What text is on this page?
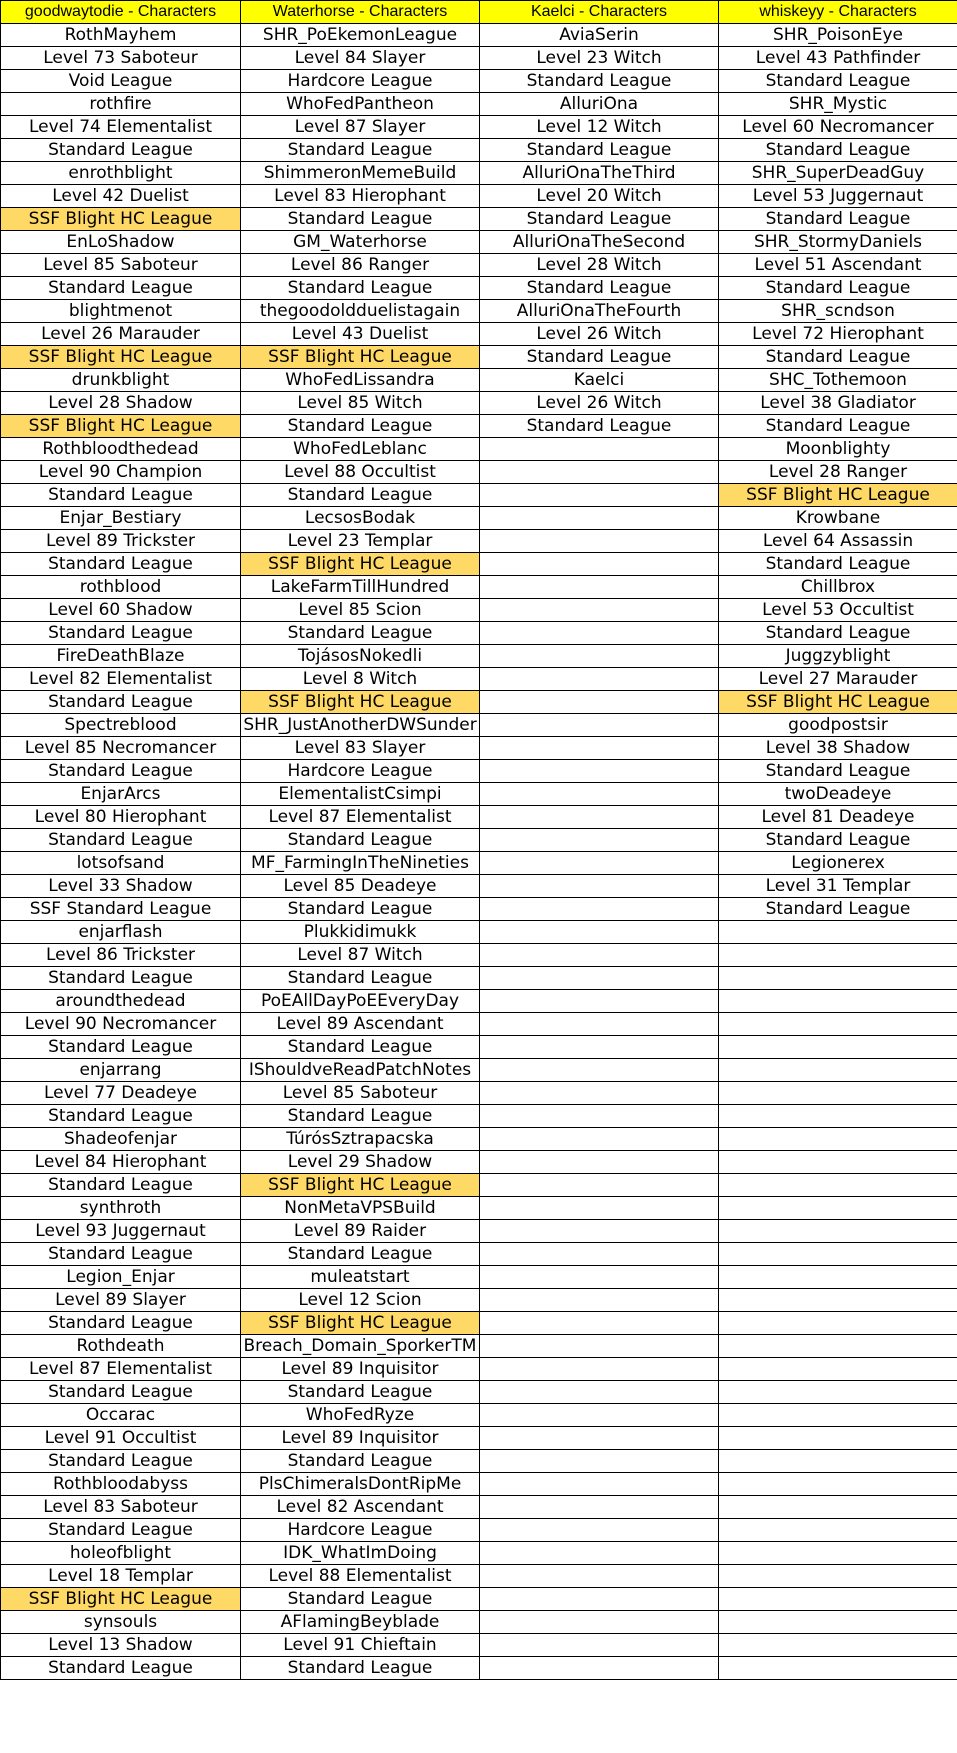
goodwaytodie - Characters	Waterhorse - Characters	Kaelci - Characters	whiskeyy - Characters
RothMayhem	SHR_PoEkemonLeague	AviaSerin	SHR_PoisonEye
Level 73 Saboteur	Level 84 Slayer	Level 23 Witch	Level 43 Pathfinder
Void League	Hardcore League	Standard League	Standard League
rothfire	WhoFedPantheon	AlluriOna	SHR_Mystic
Level 74 Elementalist	Level 87 Slayer	Level 12 Witch	Level 60 Necromancer
Standard League	Standard League	Standard League	Standard League
enrothblight	ShimmeronMemeBuild	AlluriOnaTheThird	SHR_SuperDeadGuy
Level 42 Duelist	Level 83 Hierophant	Level 20 Witch	Level 53 Juggernaut
SSF Blight HC League	Standard League	Standard League	Standard League
EnLoShadow	GM_Waterhorse	AlluriOnaTheSecond	SHR_StormyDaniels
Level 85 Saboteur	Level 86 Ranger	Level 28 Witch	Level 51 Ascendant
Standard League	Standard League	Standard League	Standard League
blightmenot	thegoodoldduelistagain	AlluriOnaTheFourth	SHR_scndson
Level 26 Marauder	Level 43 Duelist	Level 26 Witch	Level 72 Hierophant
SSF Blight HC League	SSF Blight HC League	Standard League	Standard League
drunkblight	WhoFedLissandra	Kaelci	SHC_Tothemoon
Level 28 Shadow	Level 85 Witch	Level 26 Witch	Level 38 Gladiator
SSF Blight HC League	Standard League	Standard League	Standard League
Rothbloodthedead	WhoFedLeblanc		Moonblighty
Level 90 Champion	Level 88 Occultist		Level 28 Ranger
Standard League	Standard League		SSF Blight HC League
Enjar_Bestiary	LecsosBodak		Krowbane
Level 89 Trickster	Level 23 Templar		Level 64 Assassin
Standard League	SSF Blight HC League		Standard League
rothblood	LakeFarmTillHundred		Chillbrox
Level 60 Shadow	Level 85 Scion		Level 53 Occultist
Standard League	Standard League		Standard League
FireDeathBlaze	TojásosNokedli		Juggzyblight
Level 82 Elementalist	Level 8 Witch		Level 27 Marauder
Standard League	SSF Blight HC League		SSF Blight HC League
Spectreblood	SHR_JustAnotherDWSunder		goodpostsir
Level 85 Necromancer	Level 83 Slayer		Level 38 Shadow
Standard League	Hardcore League		Standard League
EnjarArcs	ElementalistCsimpi		twoDeadeye
Level 80 Hierophant	Level 87 Elementalist		Level 81 Deadeye
Standard League	Standard League		Standard League
lotsofsand	MF_FarmingInTheNineties		Legionerex
Level 33 Shadow	Level 85 Deadeye		Level 31 Templar
SSF Standard League	Standard League		Standard League
enjarflash	Plukkidimukk		
Level 86 Trickster	Level 87 Witch		
Standard League	Standard League		
aroundthedead	PoEAllDayPoEEveryDay		
Level 90 Necromancer	Level 89 Ascendant		
Standard League	Standard League		
enjarrang	IShouldveReadPatchNotes		
Level 77 Deadeye	Level 85 Saboteur		
Standard League	Standard League		
Shadeofenjar	TúrósSztrapacska		
Level 84 Hierophant	Level 29 Shadow		
Standard League	SSF Blight HC League		
synthroth	NonMetaVPSBuild		
Level 93 Juggernaut	Level 89 Raider		
Standard League	Standard League		
Legion_Enjar	muleatstart		
Level 89 Slayer	Level 12 Scion		
Standard League	SSF Blight HC League		
Rothdeath	Breach_Domain_SporkerTM		
Level 87 Elementalist	Level 89 Inquisitor		
Standard League	Standard League		
Occarac	WhoFedRyze		
Level 91 Occultist	Level 89 Inquisitor		
Standard League	Standard League		
Rothbloodabyss	PlsChimeralsDontRipMe		
Level 83 Saboteur	Level 82 Ascendant		
Standard League	Hardcore League		
holeofblight	IDK_WhatImDoing		
Level 18 Templar	Level 88 Elementalist		
SSF Blight HC League	Standard League		
synsouls	AFlamingBeyblade		
Level 13 Shadow	Level 91 Chieftain		
Standard League	Standard League		
